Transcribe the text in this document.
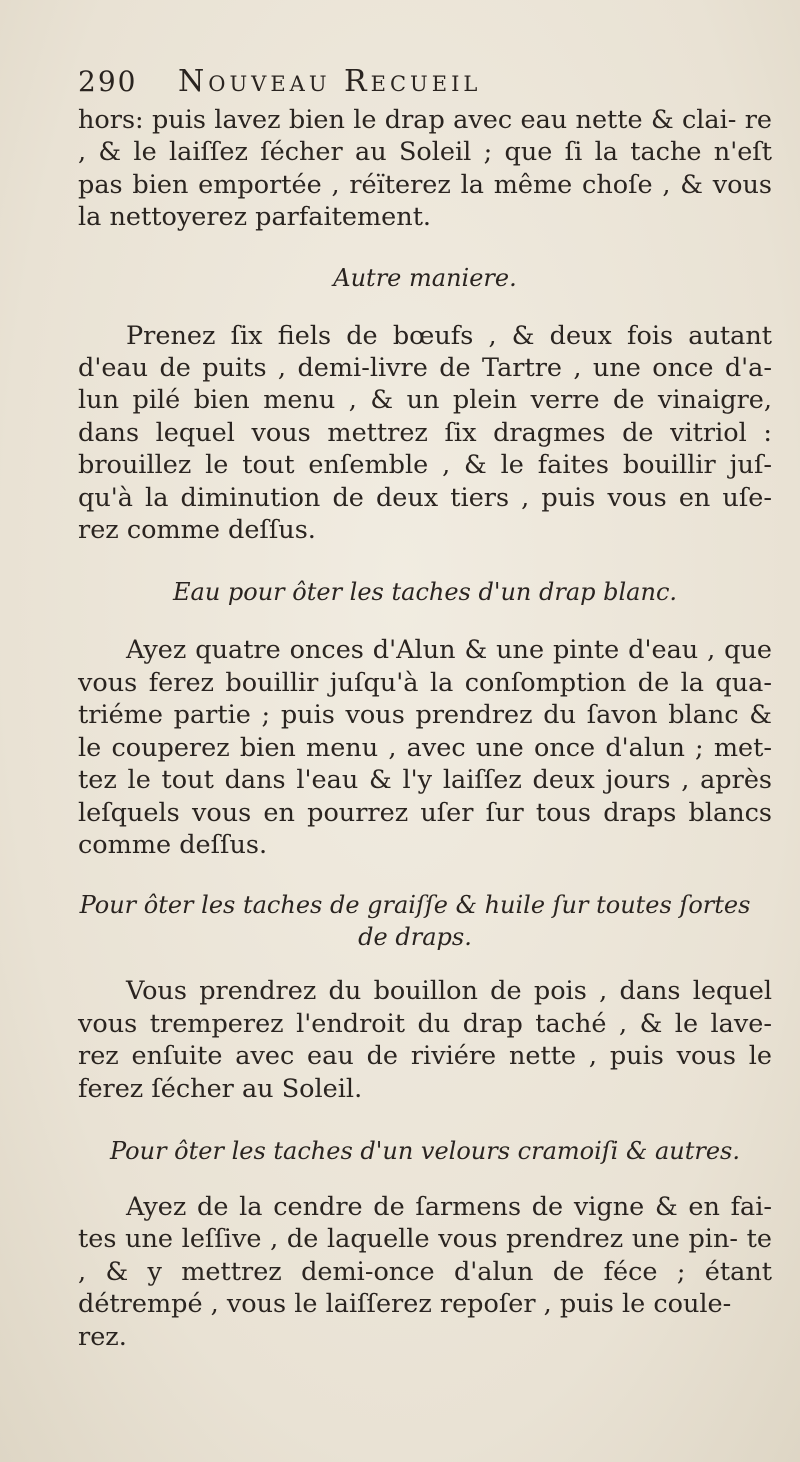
290	Nouveau Recueil

hors: puis lavez bien le drap avec eau nette & clai- re , & le laiſſez ſécher au Soleil ; que ſi la tache n'eſt pas bien emportée , réïterez la même choſe , & vous la nettoyerez parfaitement.

Autre maniere.

Prenez ſix fiels de bœufs , & deux fois autant d'eau de puits , demi-livre de Tartre , une once d'a- lun pilé bien menu , & un plein verre de vinaigre, dans lequel vous mettrez ſix dragmes de vitriol : brouillez le tout enſemble , & le faites bouillir juſ- qu'à la diminution de deux tiers , puis vous en uſe- rez comme deſſus.

Eau pour ôter les taches d'un drap blanc.

Ayez quatre onces d'Alun & une pinte d'eau , que vous ferez bouillir juſqu'à la conſomption de la qua- triéme partie ; puis vous prendrez du ſavon blanc & le couperez bien menu , avec une once d'alun ; met- tez le tout dans l'eau & l'y laiſſez deux jours , après leſquels vous en pourrez uſer ſur tous draps blancs comme deſſus.

Pour ôter les taches de graiſſe & huile ſur toutes ſortes de draps.

Vous prendrez du bouillon de pois , dans lequel vous tremperez l'endroit du drap taché , & le lave- rez enſuite avec eau de riviére nette , puis vous le ferez ſécher au Soleil.

Pour ôter les taches d'un velours cramoiſi & autres.

Ayez de la cendre de ſarmens de vigne & en fai- tes une leſſive , de laquelle vous prendrez une pin- te , & y mettrez demi-once d'alun de féce ; étant détrempé , vous le laiſſerez repoſer , puis le coule-

rez.
